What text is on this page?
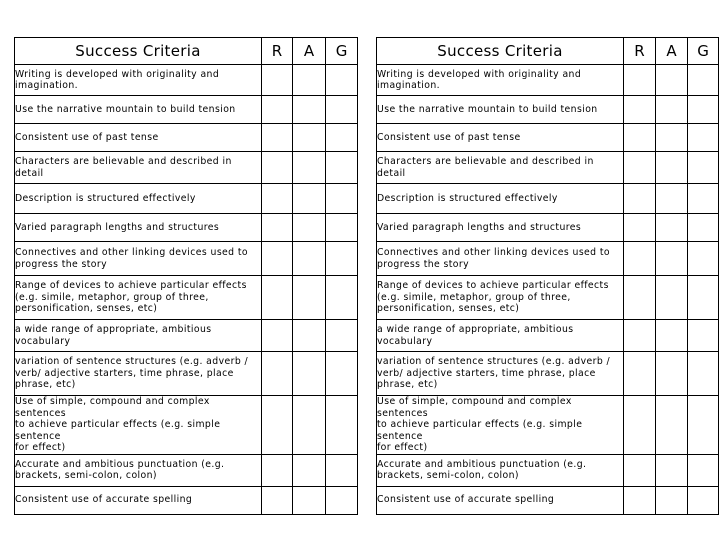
Success Criteria	R	A	G

Writing is developed with originality and
imagination.			

Use the narrative mountain to build tension			

Consistent use of past tense			

Characters are believable and described in detail			

Description is structured effectively			

Varied paragraph lengths and structures			

Connectives and other linking devices used to
progress the story			

Range of devices to achieve particular effects
(e.g. simile, metaphor, group of three,
personification, senses, etc)			

a wide range of appropriate, ambitious
vocabulary			

variation of sentence structures (e.g. adverb /
verb/ adjective starters, time phrase, place
phrase, etc)			

Use of simple, compound and complex sentences
to achieve particular effects (e.g. simple sentence
for effect)			

Accurate and ambitious punctuation (e.g.
brackets, semi-colon, colon)			

Consistent use of accurate spelling			

Success Criteria	R	A	G

Writing is developed with originality and
imagination.			

Use the narrative mountain to build tension			

Consistent use of past tense			

Characters are believable and described in detail			

Description is structured effectively			

Varied paragraph lengths and structures			

Connectives and other linking devices used to
progress the story			

Range of devices to achieve particular effects
(e.g. simile, metaphor, group of three,
personification, senses, etc)			

a wide range of appropriate, ambitious
vocabulary			

variation of sentence structures (e.g. adverb /
verb/ adjective starters, time phrase, place
phrase, etc)			

Use of simple, compound and complex sentences
to achieve particular effects (e.g. simple sentence
for effect)			

Accurate and ambitious punctuation (e.g.
brackets, semi-colon, colon)			

Consistent use of accurate spelling			
